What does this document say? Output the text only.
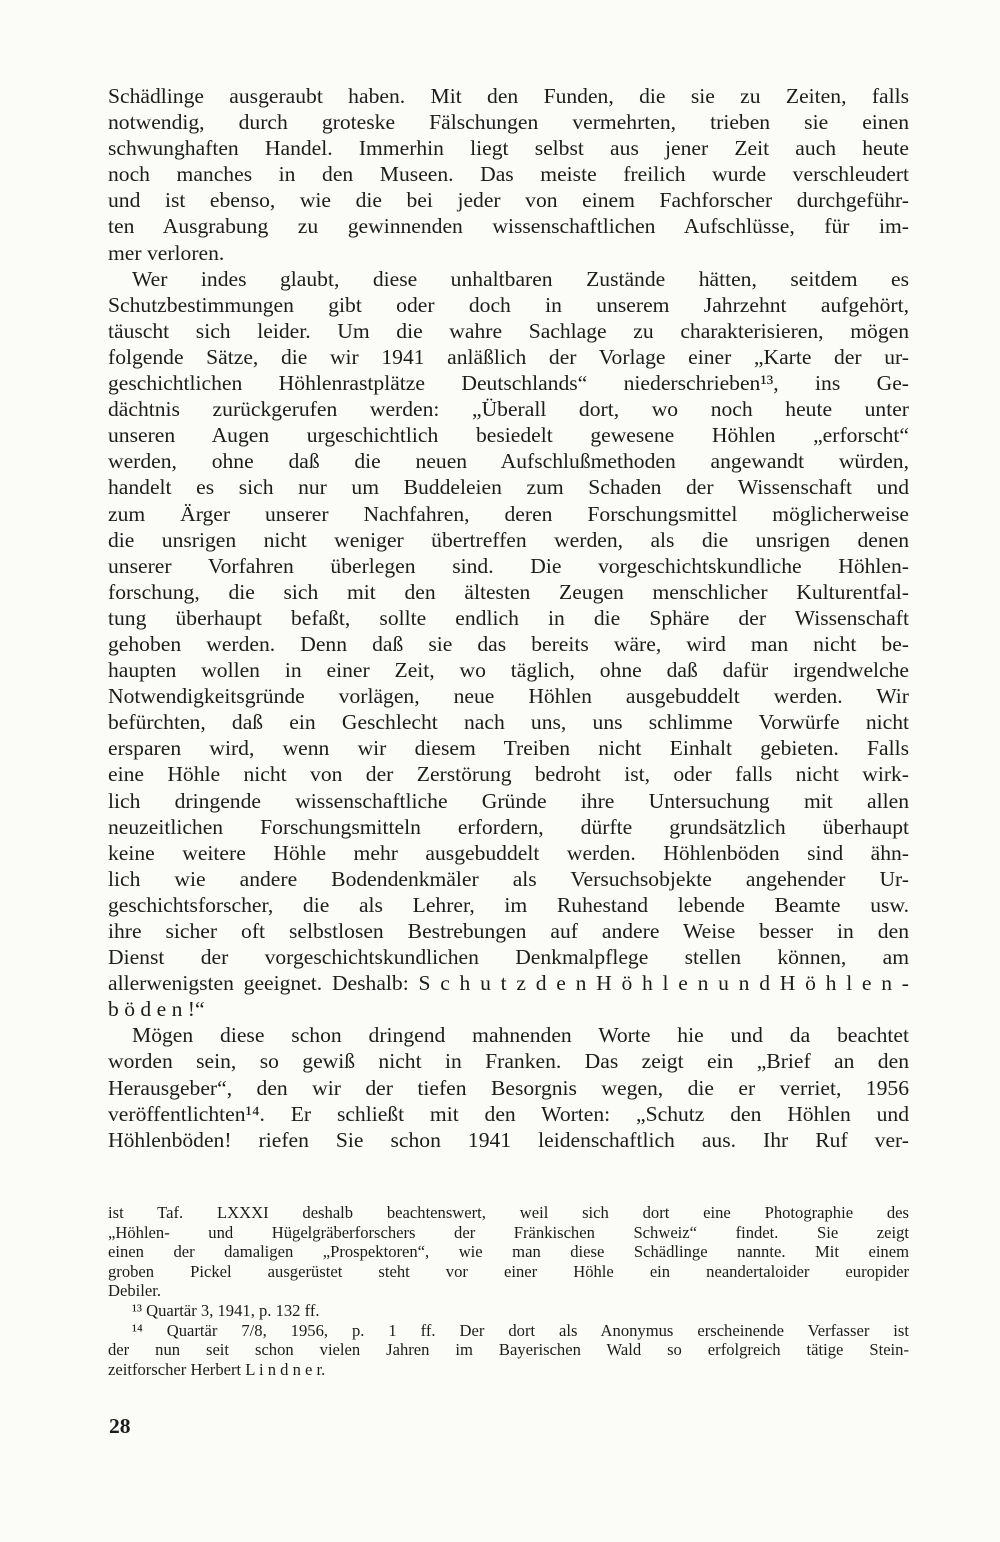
Schädlinge ausgeraubt haben. Mit den Funden, die sie zu Zeiten, falls
notwendig, durch groteske Fälschungen vermehrten, trieben sie einen
schwunghaften Handel. Immerhin liegt selbst aus jener Zeit auch heute
noch manches in den Museen. Das meiste freilich wurde verschleudert
und ist ebenso, wie die bei jeder von einem Fachforscher durchgeführ-
ten Ausgrabung zu gewinnenden wissenschaftlichen Aufschlüsse, für im-
mer verloren.
Wer indes glaubt, diese unhaltbaren Zustände hätten, seitdem es
Schutzbestimmungen gibt oder doch in unserem Jahrzehnt aufgehört,
täuscht sich leider. Um die wahre Sachlage zu charakterisieren, mögen
folgende Sätze, die wir 1941 anläßlich der Vorlage einer „Karte der ur-
geschichtlichen Höhlenrastplätze Deutschlands“ niederschrieben¹³, ins Ge-
dächtnis zurückgerufen werden: „Überall dort, wo noch heute unter
unseren Augen urgeschichtlich besiedelt gewesene Höhlen „erforscht“
werden, ohne daß die neuen Aufschlußmethoden angewandt würden,
handelt es sich nur um Buddeleien zum Schaden der Wissenschaft und
zum Ärger unserer Nachfahren, deren Forschungsmittel möglicherweise
die unsrigen nicht weniger übertreffen werden, als die unsrigen denen
unserer Vorfahren überlegen sind. Die vorgeschichtskundliche Höhlen-
forschung, die sich mit den ältesten Zeugen menschlicher Kulturentfal-
tung überhaupt befaßt, sollte endlich in die Sphäre der Wissenschaft
gehoben werden. Denn daß sie das bereits wäre, wird man nicht be-
haupten wollen in einer Zeit, wo täglich, ohne daß dafür irgendwelche
Notwendigkeitsgründe vorlägen, neue Höhlen ausgebuddelt werden. Wir
befürchten, daß ein Geschlecht nach uns, uns schlimme Vorwürfe nicht
ersparen wird, wenn wir diesem Treiben nicht Einhalt gebieten. Falls
eine Höhle nicht von der Zerstörung bedroht ist, oder falls nicht wirk-
lich dringende wissenschaftliche Gründe ihre Untersuchung mit allen
neuzeitlichen Forschungsmitteln erfordern, dürfte grundsätzlich überhaupt
keine weitere Höhle mehr ausgebuddelt werden. Höhlenböden sind ähn-
lich wie andere Bodendenkmäler als Versuchsobjekte angehender Ur-
geschichtsforscher, die als Lehrer, im Ruhestand lebende Beamte usw.
ihre sicher oft selbstlosen Bestrebungen auf andere Weise besser in den
Dienst der vorgeschichtskundlichen Denkmalpflege stellen können, am
allerwenigsten geeignet. Deshalb: S c h u t z d e n H ö h l e n u n d H ö h l e n -
b ö d e n !“
Mögen diese schon dringend mahnenden Worte hie und da beachtet
worden sein, so gewiß nicht in Franken. Das zeigt ein „Brief an den
Herausgeber“, den wir der tiefen Besorgnis wegen, die er verriet, 1956
veröffentlichten¹⁴. Er schließt mit den Worten: „Schutz den Höhlen und
Höhlenböden! riefen Sie schon 1941 leidenschaftlich aus. Ihr Ruf ver-
ist Taf. LXXXI deshalb beachtenswert, weil sich dort eine Photographie des
„Höhlen- und Hügelgräberforschers der Fränkischen Schweiz“ findet. Sie zeigt
einen der damaligen „Prospektoren“, wie man diese Schädlinge nannte. Mit einem
groben Pickel ausgerüstet steht vor einer Höhle ein neandertaloider europider
Debiler.
¹³ Quartär 3, 1941, p. 132 ff.
¹⁴ Quartär 7/8, 1956, p. 1 ff. Der dort als Anonymus erscheinende Verfasser ist
der nun seit schon vielen Jahren im Bayerischen Wald so erfolgreich tätige Stein-
zeitforscher Herbert L i n d n e r.
28
